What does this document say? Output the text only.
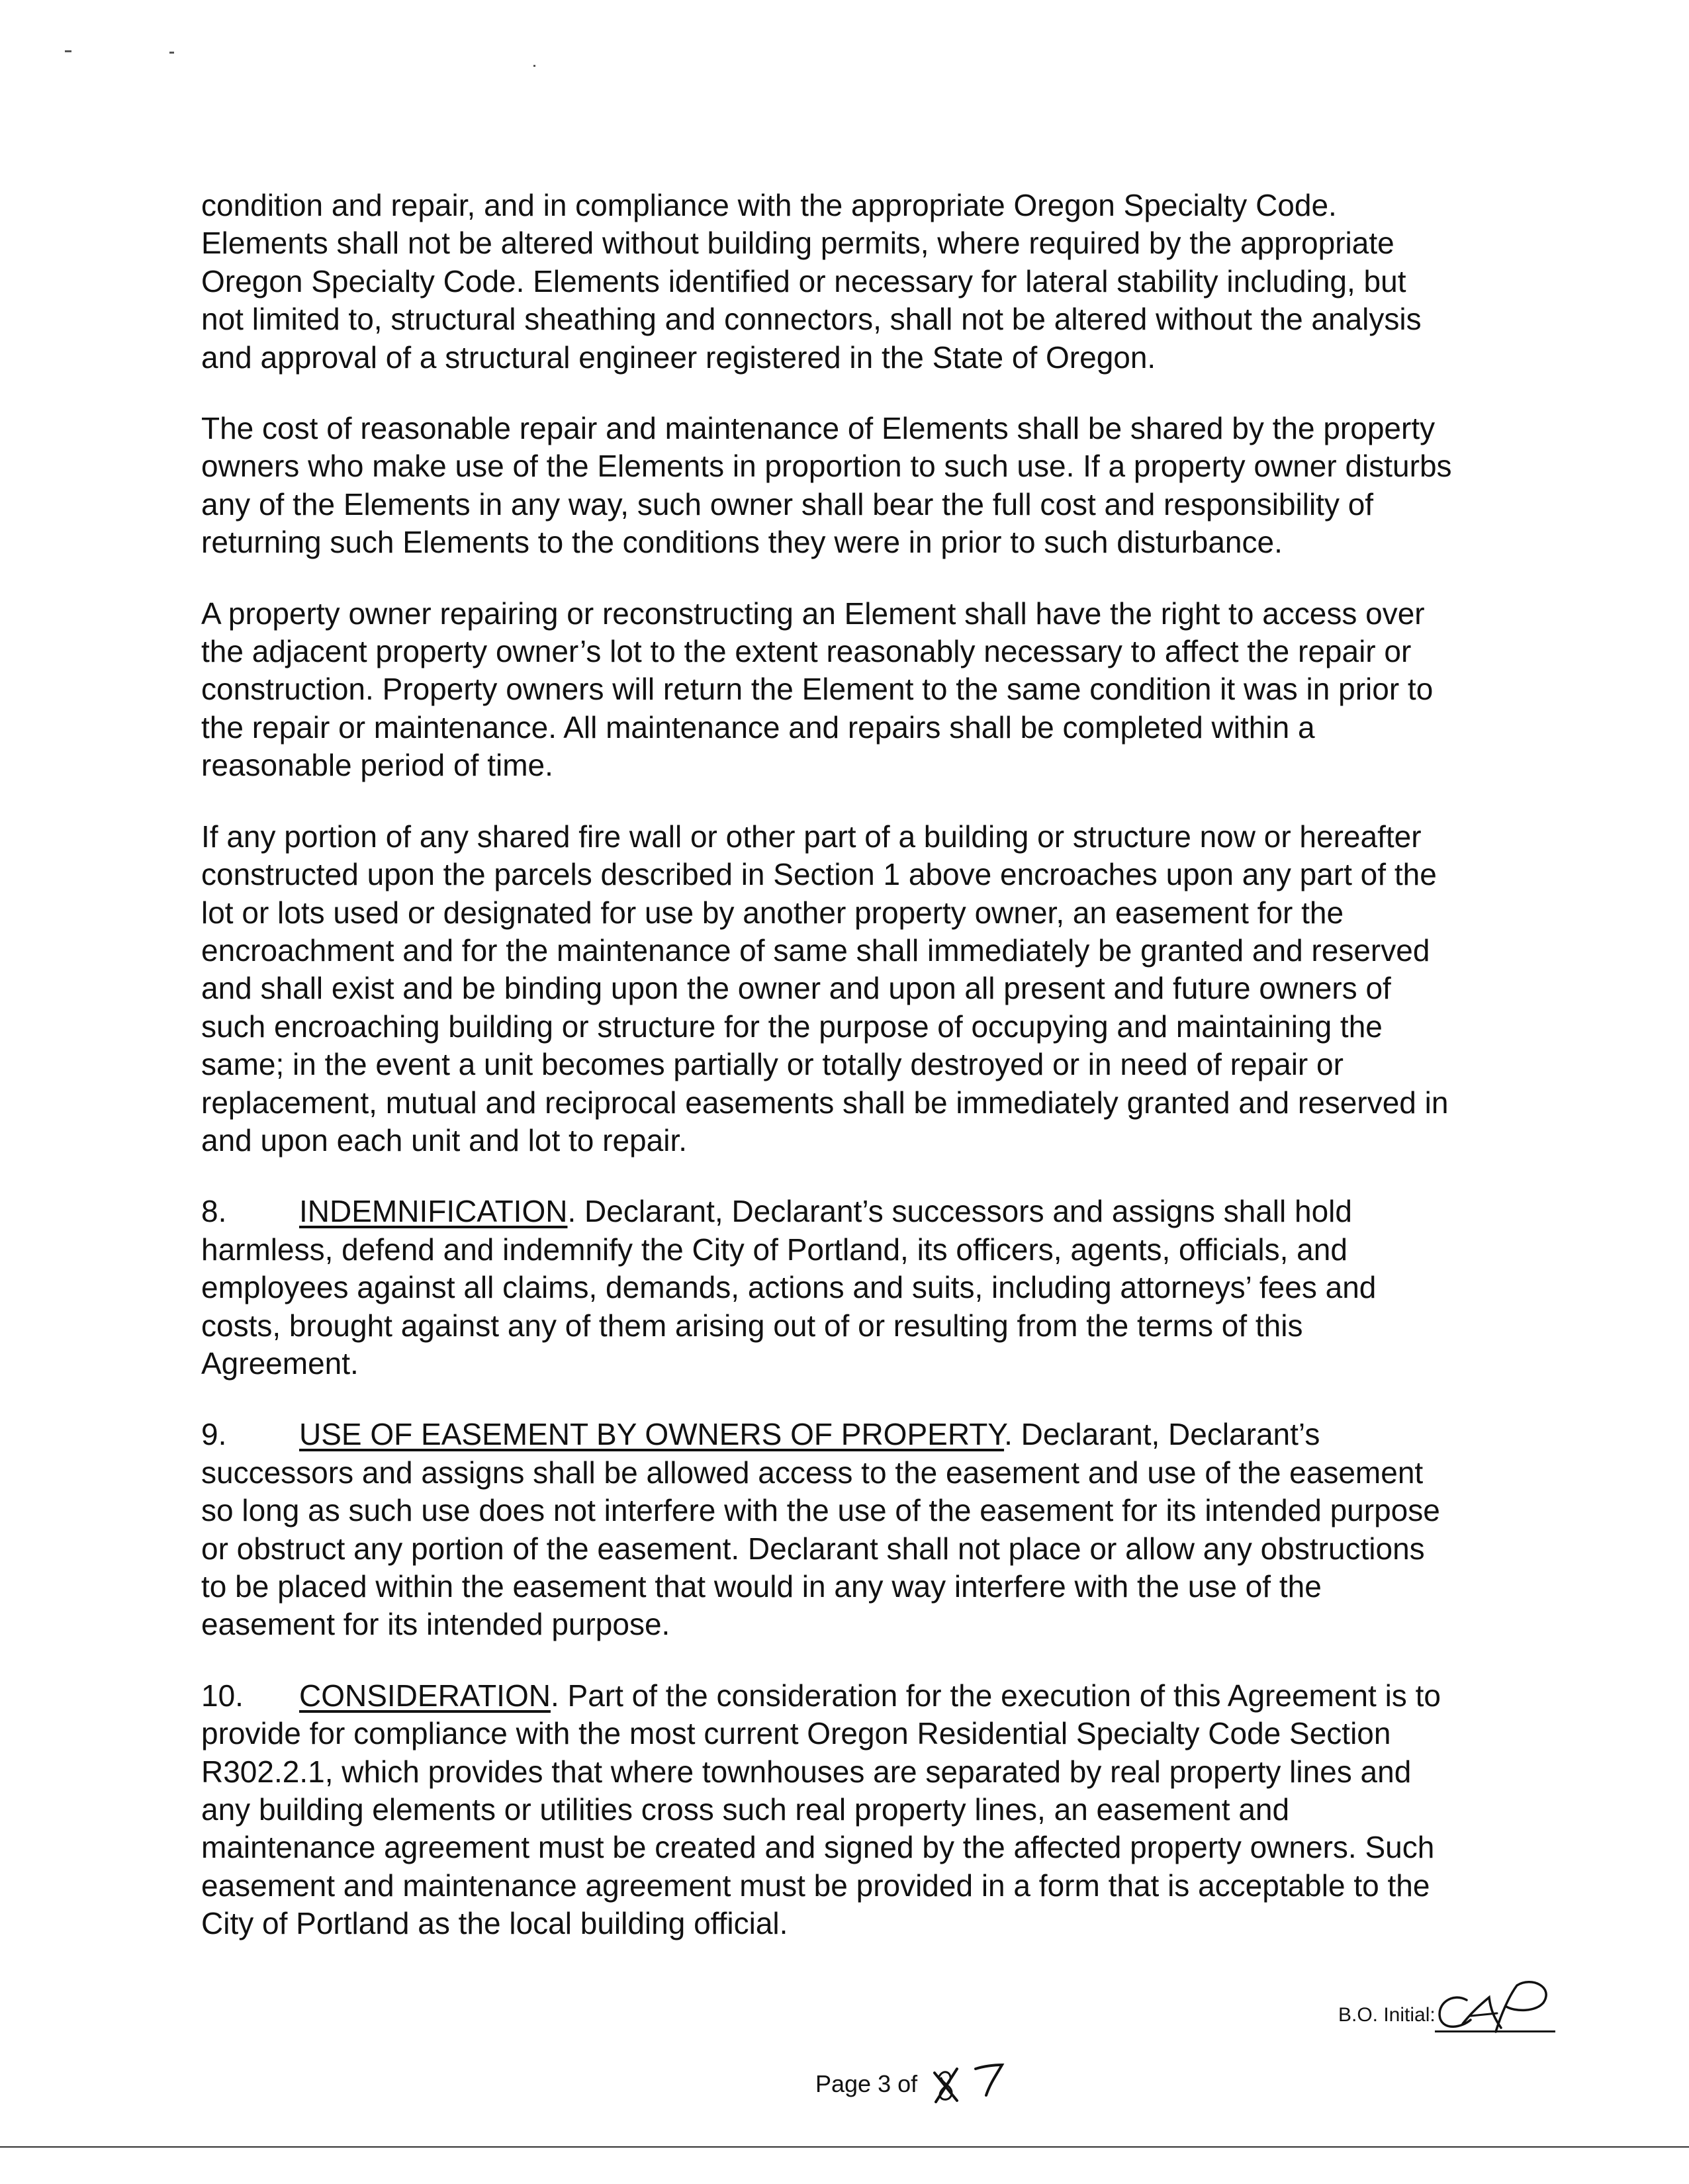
condition and repair, and in compliance with the appropriate Oregon Specialty Code.
Elements shall not be altered without building permits, where required by the appropriate
Oregon Specialty Code. Elements identified or necessary for lateral stability including, but
not limited to, structural sheathing and connectors, shall not be altered without the analysis
and approval of a structural engineer registered in the State of Oregon.

The cost of reasonable repair and maintenance of Elements shall be shared by the property
owners who make use of the Elements in proportion to such use. If a property owner disturbs
any of the Elements in any way, such owner shall bear the full cost and responsibility of
returning such Elements to the conditions they were in prior to such disturbance.

A property owner repairing or reconstructing an Element shall have the right to access over
the adjacent property owner’s lot to the extent reasonably necessary to affect the repair or
construction. Property owners will return the Element to the same condition it was in prior to
the repair or maintenance. All maintenance and repairs shall be completed within a
reasonable period of time.

If any portion of any shared fire wall or other part of a building or structure now or hereafter
constructed upon the parcels described in Section 1 above encroaches upon any part of the
lot or lots used or designated for use by another property owner, an easement for the
encroachment and for the maintenance of same shall immediately be granted and reserved
and shall exist and be binding upon the owner and upon all present and future owners of
such encroaching building or structure for the purpose of occupying and maintaining the
same; in the event a unit becomes partially or totally destroyed or in need of repair or
replacement, mutual and reciprocal easements shall be immediately granted and reserved in
and upon each unit and lot to repair.

8. INDEMNIFICATION. Declarant, Declarant’s successors and assigns shall hold
harmless, defend and indemnify the City of Portland, its officers, agents, officials, and
employees against all claims, demands, actions and suits, including attorneys’ fees and
costs, brought against any of them arising out of or resulting from the terms of this
Agreement.

9. USE OF EASEMENT BY OWNERS OF PROPERTY. Declarant, Declarant’s
successors and assigns shall be allowed access to the easement and use of the easement
so long as such use does not interfere with the use of the easement for its intended purpose
or obstruct any portion of the easement. Declarant shall not place or allow any obstructions
to be placed within the easement that would in any way interfere with the use of the
easement for its intended purpose.

10. CONSIDERATION. Part of the consideration for the execution of this Agreement is to
provide for compliance with the most current Oregon Residential Specialty Code Section
R302.2.1, which provides that where townhouses are separated by real property lines and
any building elements or utilities cross such real property lines, an easement and
maintenance agreement must be created and signed by the affected property owners. Such
easement and maintenance agreement must be provided in a form that is acceptable to the
City of Portland as the local building official.

B.O. Initial:
Page 3 of
